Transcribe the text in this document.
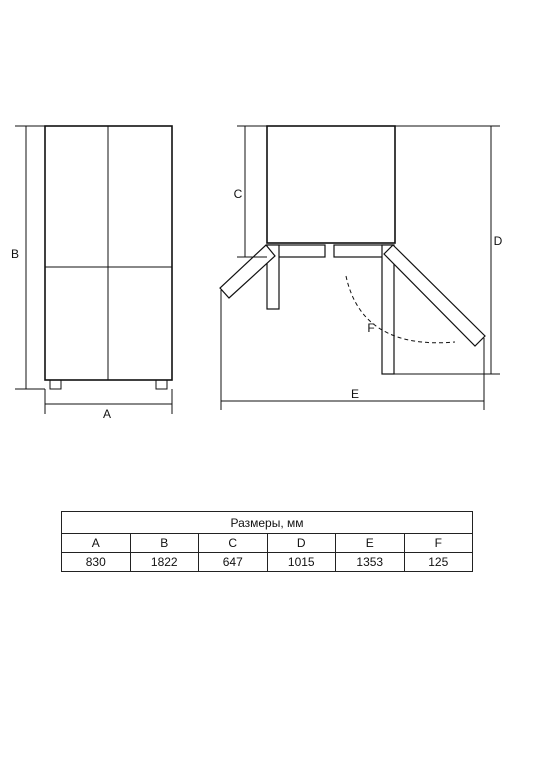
B
A
F
C
D
E
Размеры, мм					
A	B	C	D	E	F
830	1822	647	1015	1353	125
